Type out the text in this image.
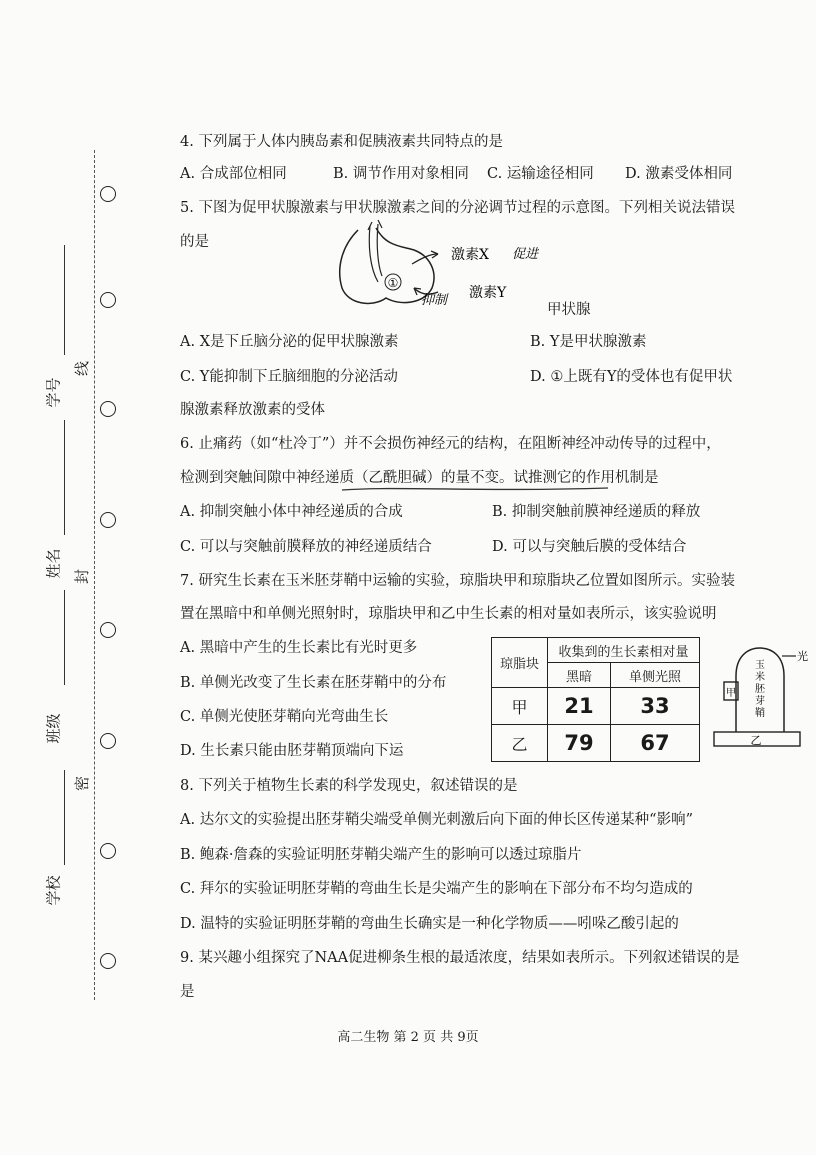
学号
姓名
班级
学校
线
封
密
4. 下列属于人体内胰岛素和促胰液素共同特点的是
A. 合成部位相同	B. 调节作用对象相同 C. 运输途径相同 D. 激素受体相同
5. 下图为促甲状腺激素与甲状腺激素之间的分泌调节过程的示意图。下列相关说法错误
的是
①
激素X
激素Y
促进
抑制
甲状腺
A. X是下丘脑分泌的促甲状腺激素	B. Y是甲状腺激素
C. Y能抑制下丘脑细胞的分泌活动	D. ①上既有Y的受体也有促甲状
腺激素释放激素的受体
6. 止痛药（如“杜冷丁”）并不会损伤神经元的结构，在阻断神经冲动传导的过程中，
检测到突触间隙中神经递质（乙酰胆碱）的量不变。试推测它的作用机制是
A. 抑制突触小体中神经递质的合成	B. 抑制突触前膜神经递质的释放
C. 可以与突触前膜释放的神经递质结合	D. 可以与突触后膜的受体结合
7. 研究生长素在玉米胚芽鞘中运输的实验，琼脂块甲和琼脂块乙位置如图所示。实验装
置在黑暗中和单侧光照射时，琼脂块甲和乙中生长素的相对量如表所示，该实验说明
A. 黑暗中产生的生长素比有光时更多
B. 单侧光改变了生长素在胚芽鞘中的分布
C. 单侧光使胚芽鞘向光弯曲生长
D. 生长素只能由胚芽鞘顶端向下运
琼脂块	收集到的生长素相对量	
	黑暗	单侧光照
甲	21	33
乙	79	67
甲
玉米胚芽鞘
光
乙
8. 下列关于植物生长素的科学发现史，叙述错误的是
A. 达尔文的实验提出胚芽鞘尖端受单侧光刺激后向下面的伸长区传递某种“影响”
B. 鲍森·詹森的实验证明胚芽鞘尖端产生的影响可以透过琼脂片
C. 拜尔的实验证明胚芽鞘的弯曲生长是尖端产生的影响在下部分布不均匀造成的
D. 温特的实验证明胚芽鞘的弯曲生长确实是一种化学物质——吲哚乙酸引起的
9. 某兴趣小组探究了NAA促进柳条生根的最适浓度，结果如表所示。下列叙述错误的是
是
高二生物 第 2 页 共 9页
